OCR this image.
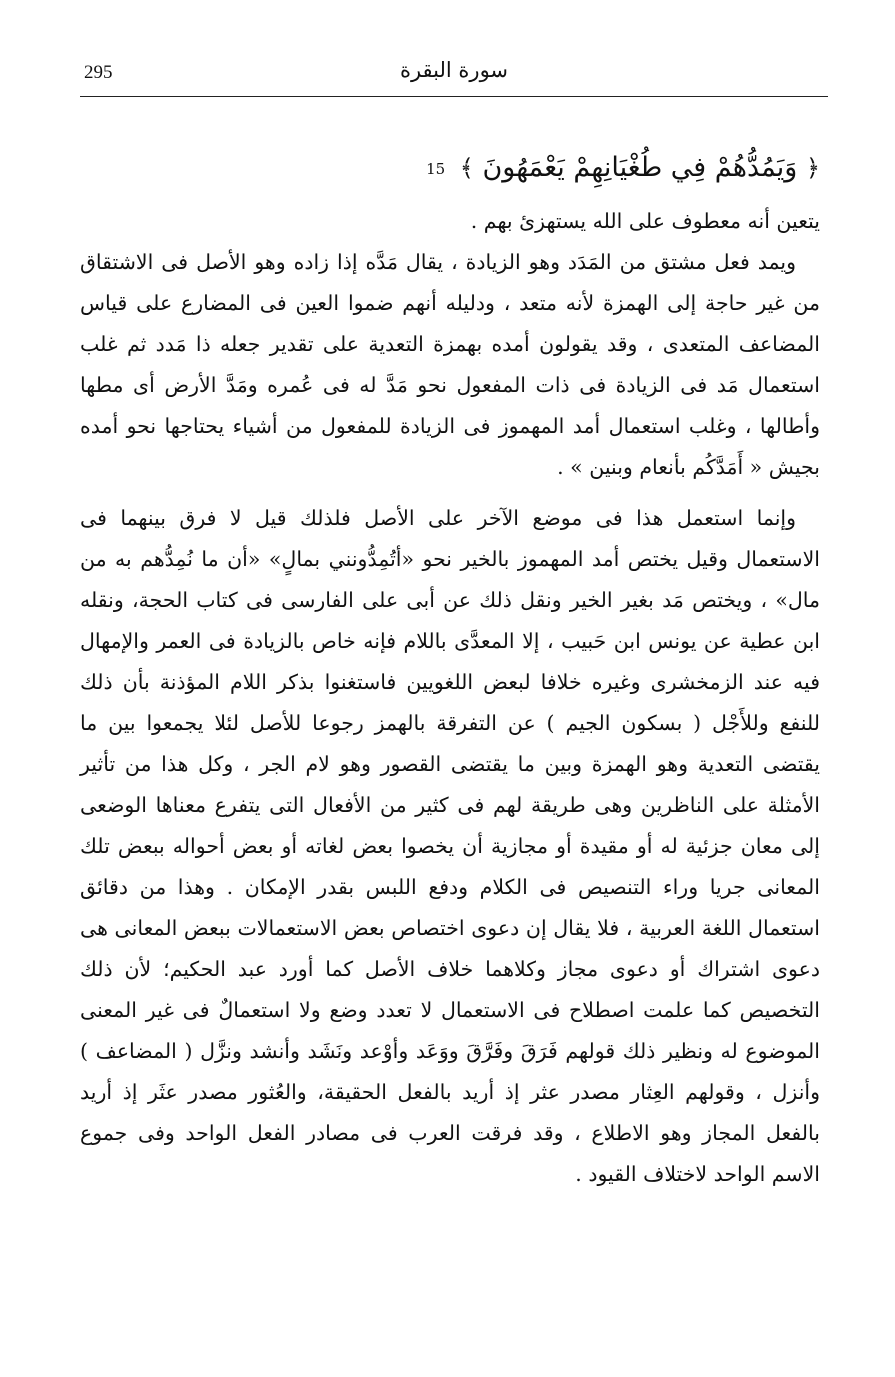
295	سورة البقرة
﴿ وَيَمُدُّهُمْ فِي طُغْيَانِهِمْ يَعْمَهُونَ ﴾ 15

يتعين أنه معطوف على الله يستهزئ بهم .

ويمد فعل مشتق من المَدَد وهو الزيادة ، يقال مَدَّه إذا زاده وهو الأصل فى الاشتقاق من غير حاجة إلى الهمزة لأنه متعد ، ودليله أنهم ضموا العين فى المضارع على قياس المضاعف المتعدى ، وقد يقولون أمده بهمزة التعدية على تقدير جعله ذا مَدد ثم غلب استعمال مَد فى الزيادة فى ذات المفعول نحو مَدَّ له فى عُمره ومَدَّ الأرض أى مطها وأطالها ، وغلب استعمال أمد المهموز فى الزيادة للمفعول من أشياء يحتاجها نحو أمده بجيش « أَمَدَّكُم بأنعام وبنين » .

وإنما استعمل هذا فى موضع الآخر على الأصل فلذلك قيل لا فرق بينهما فى الاستعمال وقيل يختص أمد المهموز بالخير نحو «أتُمِدُّونني بمالٍ» «أن ما نُمِدُّهم به من مال» ، ويختص مَد بغير الخير ونقل ذلك عن أبى على الفارسى فى كتاب الحجة، ونقله ابن عطية عن يونس ابن حَبيب ، إلا المعدَّى باللام فإنه خاص بالزيادة فى العمر والإمهال فيه عند الزمخشرى وغيره خلافا لبعض اللغويين فاستغنوا بذكر اللام المؤذنة بأن ذلك للنفع وللأَجْل ( بسكون الجيم ) عن التفرقة بالهمز رجوعا للأصل لئلا يجمعوا بين ما يقتضى التعدية وهو الهمزة وبين ما يقتضى القصور وهو لام الجر ، وكل هذا من تأثير الأمثلة على الناظرين وهى طريقة لهم فى كثير من الأفعال التى يتفرع معناها الوضعى إلى معان جزئية له أو مقيدة أو مجازية أن يخصوا بعض لغاته أو بعض أحواله ببعض تلك المعانى جريا وراء التنصيص فى الكلام ودفع اللبس بقدر الإمكان . وهذا من دقائق استعمال اللغة العربية ، فلا يقال إن دعوى اختصاص بعض الاستعمالات ببعض المعانى هى دعوى اشتراك أو دعوى مجاز وكلاهما خلاف الأصل كما أورد عبد الحكيم؛ لأن ذلك التخصيص كما علمت اصطلاح فى الاستعمال لا تعدد وضع ولا استعمالٌ فى غير المعنى الموضوع له ونظير ذلك قولهم فَرَقَ وفَرَّقَ ووَعَد وأوْعد ونَشَد وأنشد ونزَّل ( المضاعف ) وأنزل ، وقولهم العِثار مصدر عثر إذ أريد بالفعل الحقيقة، والعُثور مصدر عثَر إذ أريد بالفعل المجاز وهو الاطلاع ، وقد فرقت العرب فى مصادر الفعل الواحد وفى جموع الاسم الواحد لاختلاف القيود .
